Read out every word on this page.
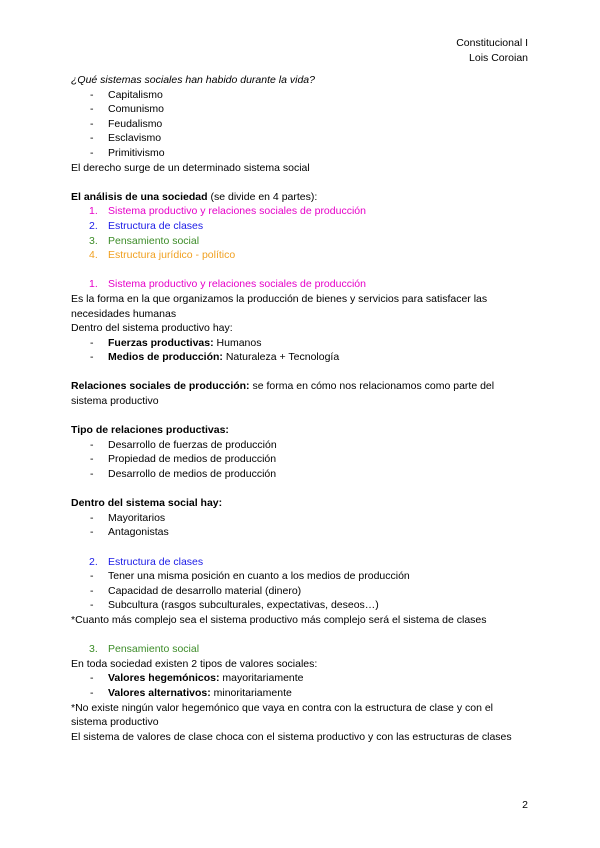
Constitucional I
Lois Coroian
¿Qué sistemas sociales han habido durante la vida?
- Capitalismo
- Comunismo
- Feudalismo
- Esclavismo
- Primitivismo
El derecho surge de un determinado sistema social
El análisis de una sociedad (se divide en 4 partes):
1. Sistema productivo y relaciones sociales de producción
2. Estructura de clases
3. Pensamiento social
4. Estructura jurídico - político
1. Sistema productivo y relaciones sociales de producción
Es la forma en la que organizamos la producción de bienes y servicios para satisfacer las necesidades humanas
Dentro del sistema productivo hay:
- Fuerzas productivas: Humanos
- Medios de producción: Naturaleza + Tecnología
Relaciones sociales de producción: se forma en cómo nos relacionamos como parte del sistema productivo
Tipo de relaciones productivas:
- Desarrollo de fuerzas de producción
- Propiedad de medios de producción
- Desarrollo de medios de producción
Dentro del sistema social hay:
- Mayoritarios
- Antagonistas
2. Estructura de clases
- Tener una misma posición en cuanto a los medios de producción
- Capacidad de desarrollo material (dinero)
- Subcultura (rasgos subculturales, expectativas, deseos…)
*Cuanto más complejo sea el sistema productivo más complejo será el sistema de clases
3. Pensamiento social
En toda sociedad existen 2 tipos de valores sociales:
- Valores hegemónicos: mayoritariamente
- Valores alternativos: minoritariamente
*No existe ningún valor hegemónico que vaya en contra con la estructura de clase y con el sistema productivo
El sistema de valores de clase choca con el sistema productivo y con las estructuras de clases
2
